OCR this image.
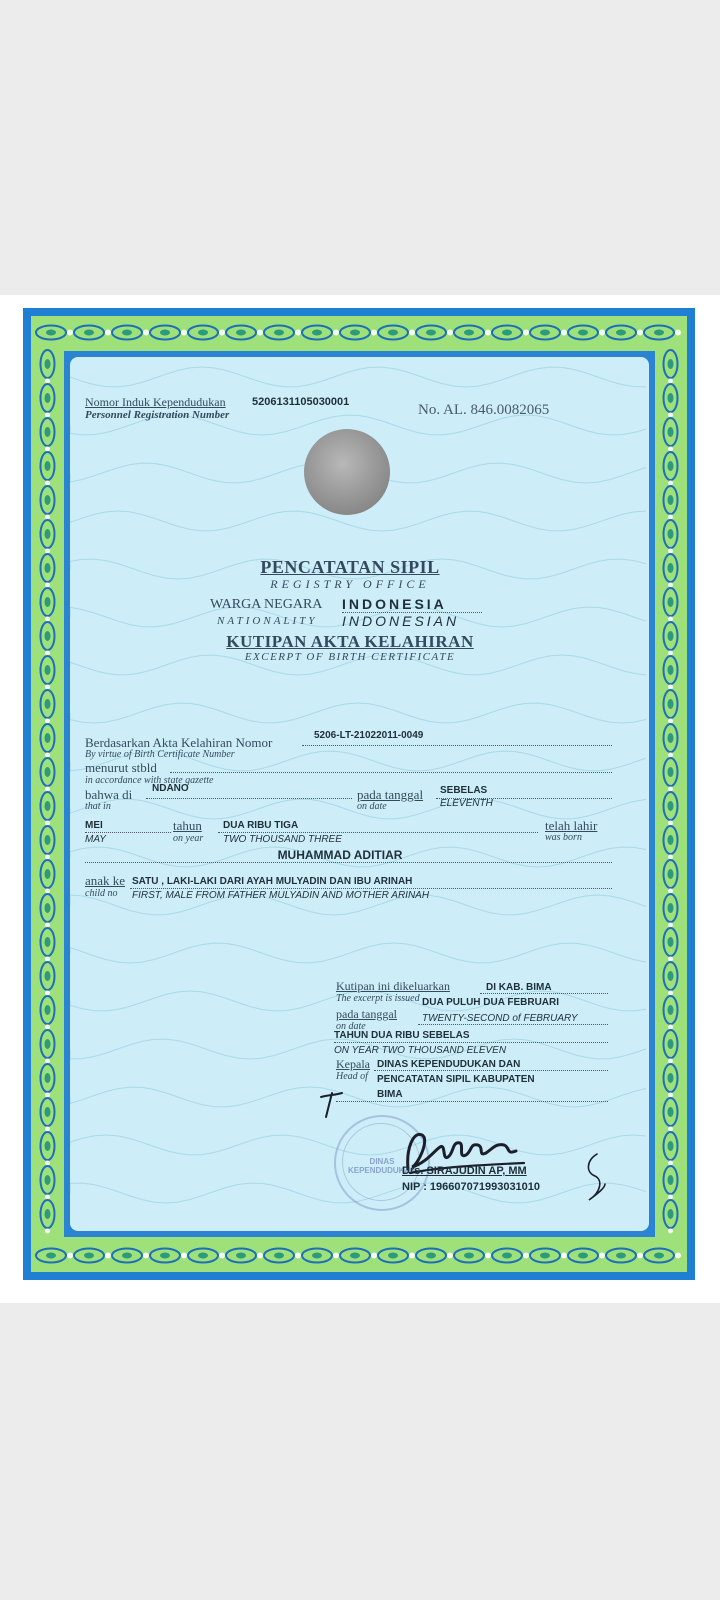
Nomor Induk Kependudukan
Personnel Registration Number
5206131105030001	No. AL. 846.0082065
PENCATATAN SIPIL
REGISTRY OFFICE
WARGA NEGARA INDONESIA
NATIONALITY INDONESIAN
KUTIPAN AKTA KELAHIRAN
EXCERPT OF BIRTH CERTIFICATE
Berdasarkan Akta Kelahiran Nomor	5206-LT-21022011-0049
By virtue of Birth Certificate Number
menurut stbld
in accordance with state gazette
bahwa di NDANO
that in
pada tanggal
on date
SEBELAS
ELEVENTH
MEI
MAY
tahun
on year
DUA RIBU TIGA
TWO THOUSAND THREE
telah lahir
was born
MUHAMMAD ADITIAR
anak ke
child no
SATU , LAKI-LAKI DARI AYAH MULYADIN DAN IBU ARINAH
FIRST, MALE FROM FATHER MULYADIN AND MOTHER ARINAH
Kutipan ini dikeluarkan
The excerpt is issued
DI KAB. BIMA
DUA PULUH DUA FEBRUARI
pada tanggal
on date
TWENTY-SECOND of FEBRUARY
TAHUN DUA RIBU SEBELAS
ON YEAR TWO THOUSAND ELEVEN
Kepala
Head of
DINAS KEPENDUDUKAN DAN
PENCATATAN SIPIL KABUPATEN
BIMA
DINAS KEPENDUDUKAN
Drs. SIRAJUDIN AP, MM
NIP : 196607071993031010
